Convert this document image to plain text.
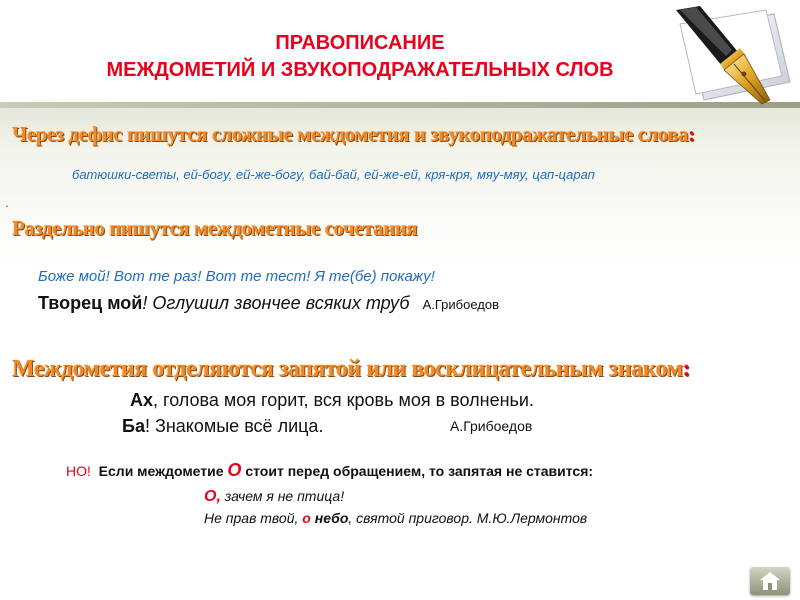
ПРАВОПИСАНИЕ
МЕЖДОМЕТИЙ И ЗВУКОПОДРАЖАТЕЛЬНЫХ СЛОВ
Через дефис пишутся сложные междометия и звукоподражательные слова:
батюшки-светы, ей-богу, ей-же-богу, бай-бай, ей-же-ей, кря-кря, мяу-мяу, цап-царап
.
Раздельно пишутся междометные сочетания
Боже мой! Вот те раз! Вот те тест! Я те(бе) покажу!
Творец мой! Оглушил звончее всяких труб А.Грибоедов
Междометия отделяются запятой или восклицательным знаком:
Ах, голова моя горит, вся кровь моя в волненьи.
Ба! Знакомые всё лица.	А.Грибоедов
НО!  Если междометие О стоит перед обращением, то запятая не ставится:
О, зачем я не птица!
Не прав твой, о небо, святой приговор. М.Ю.Лермонтов
